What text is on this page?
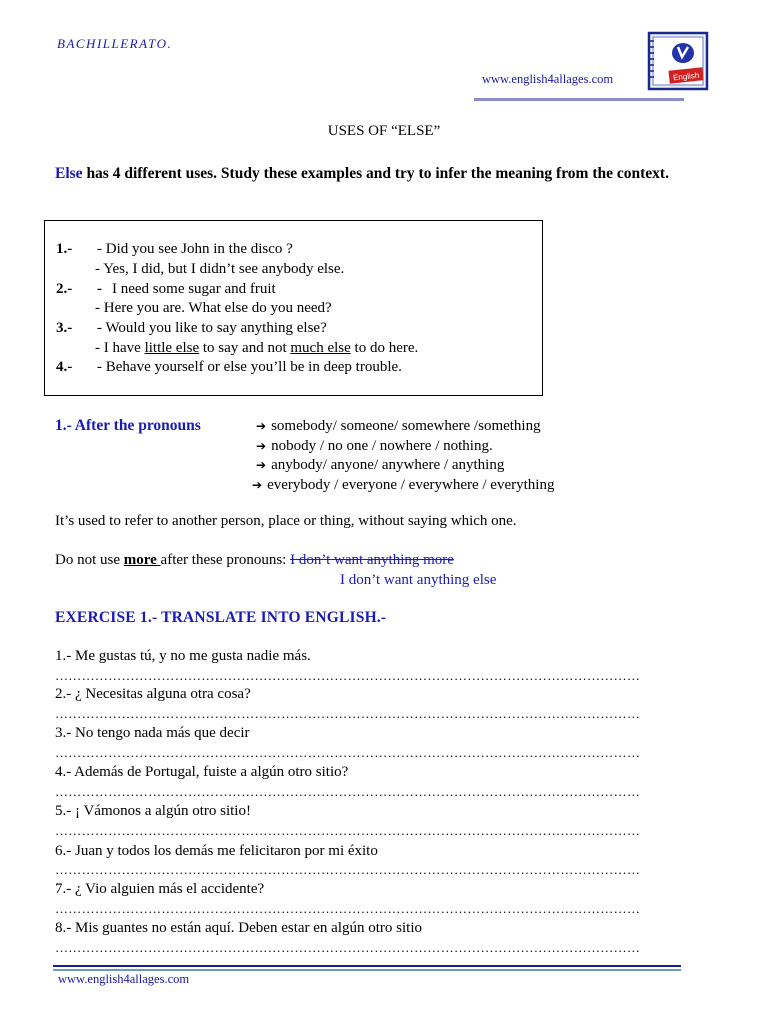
BACHILLERATO.
www.english4allages.com	English
USES OF “ELSE”
Else has 4 different uses. Study these examples and try to infer the meaning from the context.
1.- - Did you see John in the disco ?
- Yes, I did, but I didn’t see anybody else.
2.- - I need some sugar and fruit
- Here you are. What else do you need?
3.- - Would you like to say anything else?
- I have little else to say and not much else to do here.
4.- - Behave yourself or else you’ll be in deep trouble.
1.- After the pronouns	➔ somebody/ someone/ somewhere /something
➔ nobody / no one / nowhere / nothing.
➔ anybody/ anyone/ anywhere / anything
➔ everybody / everyone / everywhere / everything
It’s used to refer to another person, place or thing, without saying which one.
Do not use more after these pronouns: I don’t want anything more
I don’t want anything else
EXERCISE 1.- TRANSLATE INTO ENGLISH.-
1.- Me gustas tú, y no me gusta nadie más.
……………………………………………………………………………………………………………………
2.- ¿ Necesitas alguna otra cosa?
……………………………………………………………………………………………………………………
3.- No tengo nada más que decir
……………………………………………………………………………………………………………………
4.- Además de Portugal, fuiste a algún otro sitio?
……………………………………………………………………………………………………………………
5.- ¡ Vámonos a algún otro sitio!
……………………………………………………………………………………………………………………
6.- Juan y todos los demás me felicitaron por mi éxito
……………………………………………………………………………………………………………………
7.- ¿ Vio alguien más el accidente?
……………………………………………………………………………………………………………………
8.- Mis guantes no están aquí. Deben estar en algún otro sitio
……………………………………………………………………………………………………………………
www.english4allages.com
